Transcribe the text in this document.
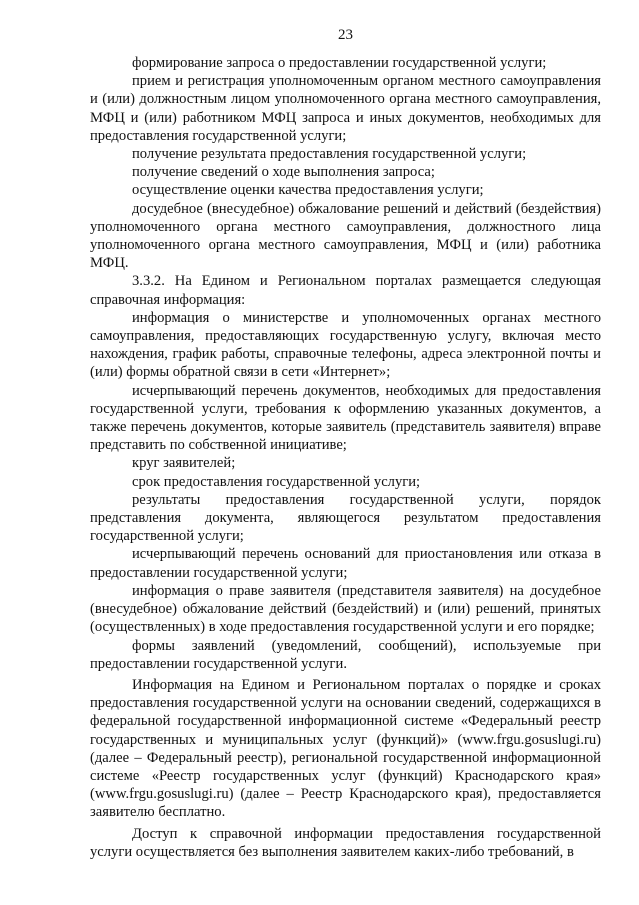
23

формирование запроса о предоставлении государственной услуги;

прием и регистрация уполномоченным органом местного самоуправления и (или) должностным лицом уполномоченного органа местного самоуправления, МФЦ и (или) работником МФЦ запроса и иных документов, необходимых для предоставления государственной услуги;

получение результата предоставления государственной услуги;

получение сведений о ходе выполнения запроса;

осуществление оценки качества предоставления услуги;

досудебное (внесудебное) обжалование решений и действий (бездействия) уполномоченного органа местного самоуправления, должностного лица уполномоченного органа местного самоуправления, МФЦ и (или) работника МФЦ.

3.3.2. На Едином и Региональном порталах размещается следующая справочная информация:

информация о министерстве и уполномоченных органах местного самоуправления, предоставляющих государственную услугу, включая место нахождения, график работы, справочные телефоны, адреса электронной почты и (или) формы обратной связи в сети «Интернет»;

исчерпывающий перечень документов, необходимых для предоставления государственной услуги, требования к оформлению указанных документов, а также перечень документов, которые заявитель (представитель заявителя) вправе представить по собственной инициативе;

круг заявителей;

срок предоставления государственной услуги;

результаты предоставления государственной услуги, порядок представления документа, являющегося результатом предоставления государственной услуги;

исчерпывающий перечень оснований для приостановления или отказа в предоставлении государственной услуги;

информация о праве заявителя (представителя заявителя) на досудебное (внесудебное) обжалование действий (бездействий) и (или) решений, принятых (осуществленных) в ходе предоставления государственной услуги и его порядке;

формы заявлений (уведомлений, сообщений), используемые при предоставлении государственной услуги.

Информация на Едином и Региональном порталах о порядке и сроках предоставления государственной услуги на основании сведений, содержащихся в федеральной государственной информационной системе «Федеральный реестр государственных и муниципальных услуг (функций)» (www.frgu.gosuslugi.ru) (далее – Федеральный реестр), региональной государственной информационной системе «Реестр государственных услуг (функций) Краснодарского края» (www.frgu.gosuslugi.ru) (далее – Реестр Краснодарского края), предоставляется заявителю бесплатно.

Доступ к справочной информации предоставления государственной услуги осуществляется без выполнения заявителем каких-либо требований, в
